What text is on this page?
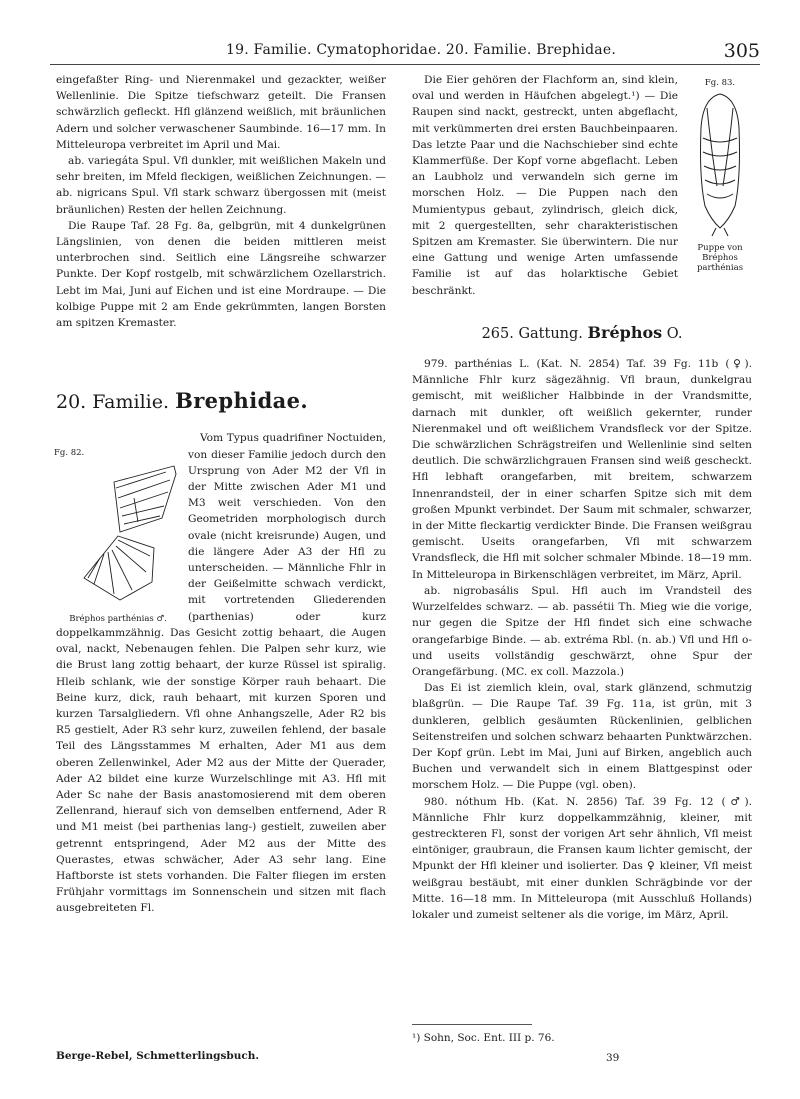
19. Familie. Cymatophoridae. 20. Familie. Brephidae.	305

eingefaßter Ring- und Nierenmakel und gezackter, weißer Wellenlinie. Die Spitze tiefschwarz geteilt. Die Fransen schwärzlich gefleckt. Hfl glänzend weißlich, mit bräunlichen Adern und solcher verwaschener Saumbinde. 16—17 mm. In Mitteleuropa verbreitet im April und Mai.

ab. variegáta Spul. Vfl dunkler, mit weißlichen Makeln und sehr breiten, im Mfeld fleckigen, weißlichen Zeichnungen. — ab. nigricans Spul. Vfl stark schwarz übergossen mit (meist bräunlichen) Resten der hellen Zeichnung.

Die Raupe Taf. 28 Fg. 8a, gelbgrün, mit 4 dunkelgrünen Längslinien, von denen die beiden mittleren meist unterbrochen sind. Seitlich eine Längsreihe schwarzer Punkte. Der Kopf rostgelb, mit schwärzlichem Ozellarstrich. Lebt im Mai, Juni auf Eichen und ist eine Mordraupe. — Die kolbige Puppe mit 2 am Ende gekrümmten, langen Borsten am spitzen Kremaster.

20. Familie. Brephidae.
Fg. 82.
Bréphos parthénias ♂.

Vom Typus quadrifiner Noctuiden, von dieser Familie jedoch durch den Ursprung von Ader M2 der Vfl in der Mitte zwischen Ader M1 und M3 weit verschieden. Von den Geometriden morphologisch durch ovale (nicht kreisrunde) Augen, und die längere Ader A3 der Hfl zu unterscheiden. — Männliche Fhlr in der Geißelmitte schwach verdickt, mit vortretenden Gliederenden (parthenias) oder kurz doppelkammzähnig. Das Gesicht zottig behaart, die Augen oval, nackt, Nebenaugen fehlen. Die Palpen sehr kurz, wie die Brust lang zottig behaart, der kurze Rüssel ist spiralig. Hleib schlank, wie der sonstige Körper rauh behaart. Die Beine kurz, dick, rauh behaart, mit kurzen Sporen und kurzen Tarsalgliedern. Vfl ohne Anhangszelle, Ader R2 bis R5 gestielt, Ader R3 sehr kurz, zuweilen fehlend, der basale Teil des Längsstammes M erhalten, Ader M1 aus dem oberen Zellenwinkel, Ader M2 aus der Mitte der Querader, Ader A2 bildet eine kurze Wurzelschlinge mit A3. Hfl mit Ader Sc nahe der Basis anastomosierend mit dem oberen Zellenrand, hierauf sich von demselben entfernend, Ader R und M1 meist (bei parthenias lang-) gestielt, zuweilen aber getrennt entspringend, Ader M2 aus der Mitte des Querastes, etwas schwächer, Ader A3 sehr lang. Eine Haftborste ist stets vorhanden. Die Falter fliegen im ersten Frühjahr vormittags im Sonnenschein und sitzen mit flach ausgebreiteten Fl.

Fg. 83.
Puppe von Bréphos parthénias

Die Eier gehören der Flachform an, sind klein, oval und werden in Häufchen abgelegt.¹) — Die Raupen sind nackt, gestreckt, unten abgeflacht, mit verkümmerten drei ersten Bauchbeinpaaren. Das letzte Paar und die Nachschieber sind echte Klammerfüße. Der Kopf vorne abgeflacht. Leben an Laubholz und verwandeln sich gerne im morschen Holz. — Die Puppen nach den Mumientypus gebaut, zylindrisch, gleich dick, mit 2 quergestellten, sehr charakteristischen Spitzen am Kremaster. Sie überwintern. Die nur eine Gattung und wenige Arten umfassende Familie ist auf das holarktische Gebiet beschränkt.

265. Gattung. Bréphos O.

979. parthénias L. (Kat. N. 2854) Taf. 39 Fg. 11b (♀). Männliche Fhlr kurz sägezähnig. Vfl braun, dunkelgrau gemischt, mit weißlicher Halbbinde in der Vrandsmitte, darnach mit dunkler, oft weißlich gekernter, runder Nierenmakel und oft weißlichem Vrandsfleck vor der Spitze. Die schwärzlichen Schrägstreifen und Wellenlinie sind selten deutlich. Die schwärzlichgrauen Fransen sind weiß gescheckt. Hfl lebhaft orangefarben, mit breitem, schwarzem Innenrandsteil, der in einer scharfen Spitze sich mit dem großen Mpunkt verbindet. Der Saum mit schmaler, schwarzer, in der Mitte fleckartig verdickter Binde. Die Fransen weißgrau gemischt. Useits orangefarben, Vfl mit schwarzem Vrandsfleck, die Hfl mit solcher schmaler Mbinde. 18—19 mm. In Mitteleuropa in Birkenschlägen verbreitet, im März, April.

ab. nigrobasális Spul. Hfl auch im Vrandsteil des Wurzelfeldes schwarz. — ab. passétii Th. Mieg wie die vorige, nur gegen die Spitze der Hfl findet sich eine schwache orangefarbige Binde. — ab. extréma Rbl. (n. ab.) Vfl und Hfl o- und useits vollständig geschwärzt, ohne Spur der Orangefärbung. (MC. ex coll. Mazzola.)

Das Ei ist ziemlich klein, oval, stark glänzend, schmutzig blaßgrün. — Die Raupe Taf. 39 Fg. 11a, ist grün, mit 3 dunkleren, gelblich gesäumten Rückenlinien, gelblichen Seitenstreifen und solchen schwarz behaarten Punktwärzchen. Der Kopf grün. Lebt im Mai, Juni auf Birken, angeblich auch Buchen und verwandelt sich in einem Blattgespinst oder morschem Holz. — Die Puppe (vgl. oben).

980. nóthum Hb. (Kat. N. 2856) Taf. 39 Fg. 12 (♂). Männliche Fhlr kurz doppelkammzähnig, kleiner, mit gestreckteren Fl, sonst der vorigen Art sehr ähnlich, Vfl meist eintöniger, graubraun, die Fransen kaum lichter gemischt, der Mpunkt der Hfl kleiner und isolierter. Das ♀ kleiner, Vfl meist weißgrau bestäubt, mit einer dunklen Schrägbinde vor der Mitte. 16—18 mm. In Mitteleuropa (mit Ausschluß Hollands) lokaler und zumeist seltener als die vorige, im März, April.

¹) Sohn, Soc. Ent. III p. 76.
39
Berge-Rebel, Schmetterlingsbuch.
